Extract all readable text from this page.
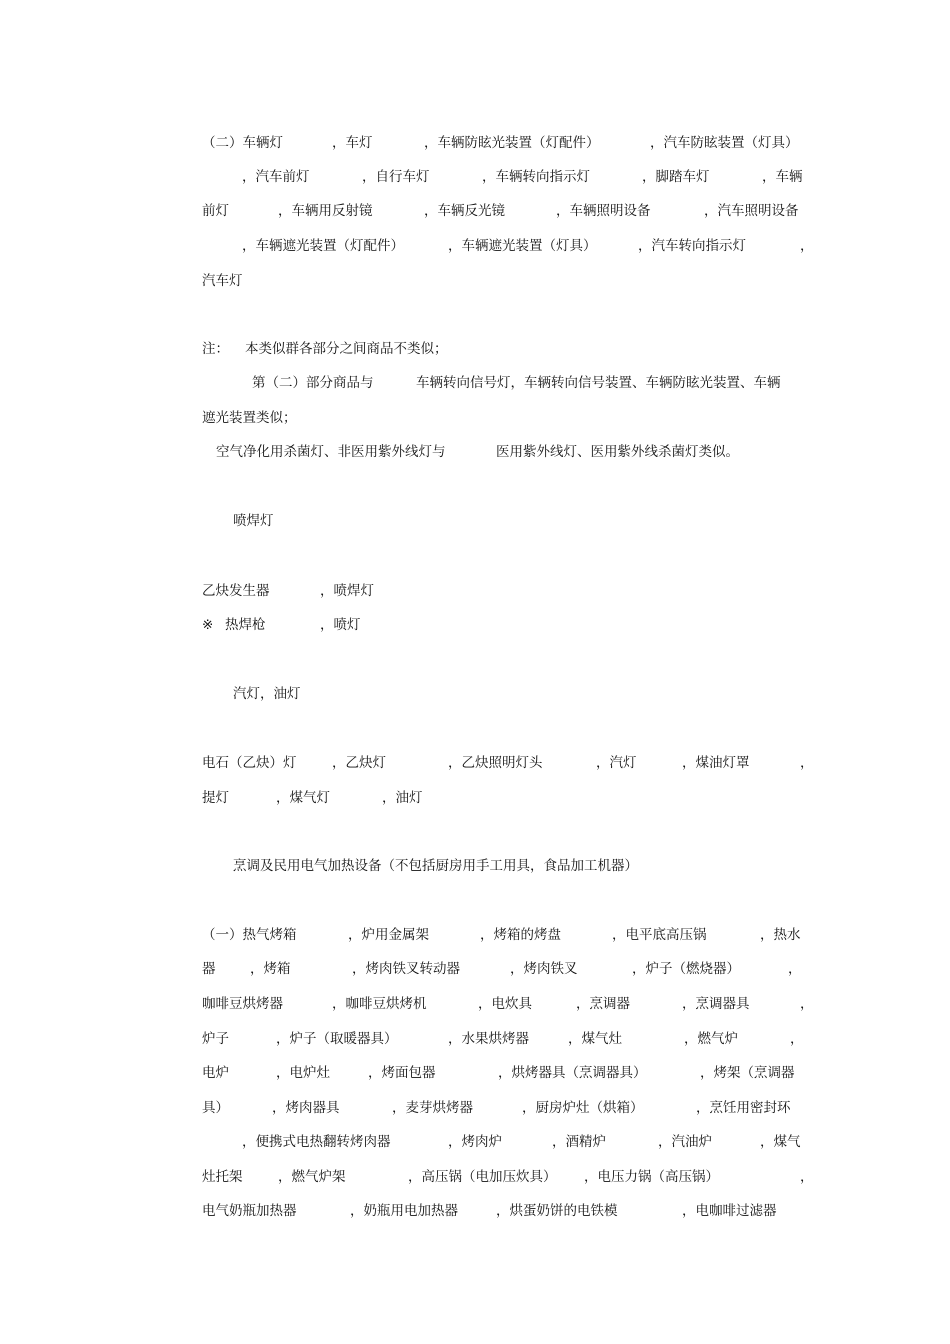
（二）车辆灯	，车灯	，车辆防眩光装置（灯配件）	，汽车防眩装置（灯具）
，汽车前灯	，自行车灯	，车辆转向指示灯	，脚踏车灯	，车辆
前灯	，车辆用反射镜	，车辆反光镜	，车辆照明设备	，汽车照明设备
，车辆遮光装置（灯配件）	，车辆遮光装置（灯具）	，汽车转向指示灯	，
汽车灯
注： 本类似群各部分之间商品不类似；
第（二）部分商品与	车辆转向信号灯，车辆转向信号装置、车辆防眩光装置、车辆
遮光装置类似；
空气净化用杀菌灯、非医用紫外线灯与	医用紫外线灯、医用紫外线杀菌灯类似。
喷焊灯
乙炔发生器	，喷焊灯
※ 热焊枪	，喷灯
汽灯，油灯
电石（乙炔）灯	，乙炔灯	，乙炔照明灯头	，汽灯	，煤油灯罩	，
提灯	，煤气灯	，油灯
烹调及民用电气加热设备（不包括厨房用手工用具，食品加工机器）
（一）热气烤箱	，炉用金属架	，烤箱的烤盘	，电平底高压锅	，热水
器	，烤箱	，烤肉铁叉转动器	，烤肉铁叉	，炉子（燃烧器）	，
咖啡豆烘烤器	，咖啡豆烘烤机	，电炊具	，烹调器	，烹调器具	，
炉子	，炉子（取暖器具）	，水果烘烤器	，煤气灶	，燃气炉	，
电炉	，电炉灶	，烤面包器	，烘烤器具（烹调器具）	，烤架（烹调器
具）	，烤肉器具	，麦芽烘烤器	，厨房炉灶（烘箱）	，烹饪用密封环
，便携式电热翻转烤肉器	，烤肉炉	，酒精炉	，汽油炉	，煤气
灶托架	，燃气炉架	，高压锅（电加压炊具） ，电压力锅（高压锅）	，
电气奶瓶加热器	，奶瓶用电加热器	，烘蛋奶饼的电铁模	，电咖啡过滤器
